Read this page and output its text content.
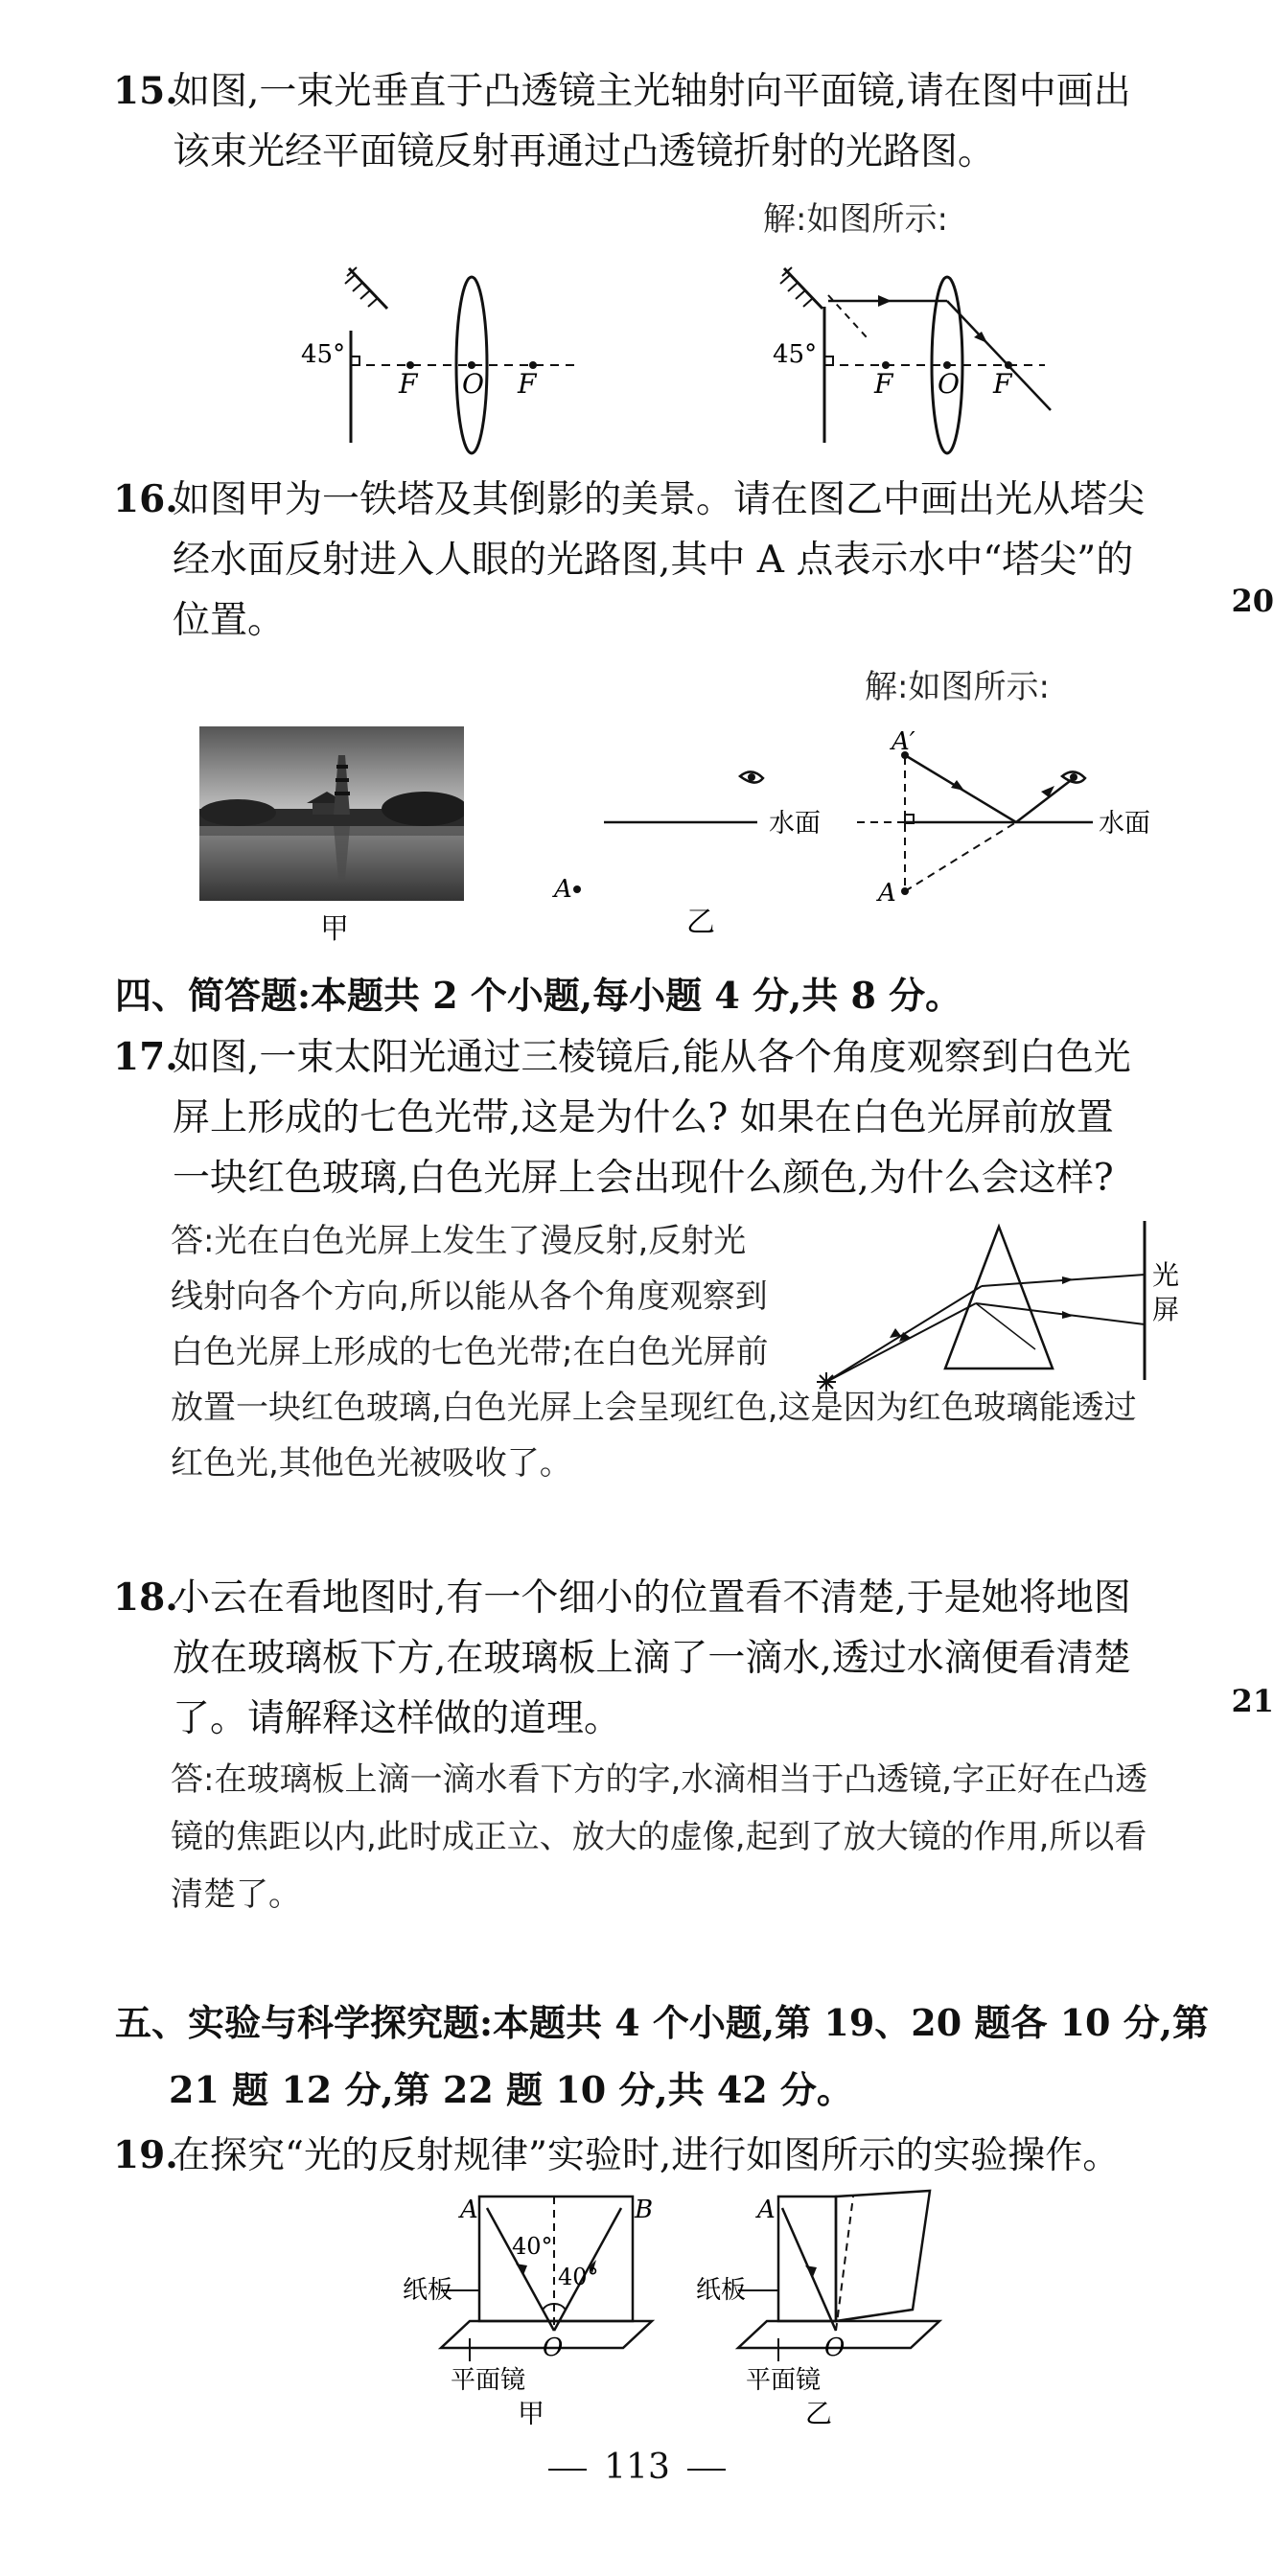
15.
如图,一束光垂直于凸透镜主光轴射向平面镜,请在图中画出
该束光经平面镜反射再通过凸透镜折射的光路图。
解:如图所示:
45°
F O F
45°
F O F
16.
如图甲为一铁塔及其倒影的美景。请在图乙中画出光从塔尖
经水面反射进入人眼的光路图,其中 A 点表示水中“塔尖”的
位置。
解:如图所示:
甲
A
水面
乙
A′
A
水面
四、简答题:本题共 2 个小题,每小题 4 分,共 8 分。
17.
如图,一束太阳光通过三棱镜后,能从各个角度观察到白色光
屏上形成的七色光带,这是为什么? 如果在白色光屏前放置
一块红色玻璃,白色光屏上会出现什么颜色,为什么会这样?
答:光在白色光屏上发生了漫反射,反射光
线射向各个方向,所以能从各个角度观察到
白色光屏上形成的七色光带;在白色光屏前
放置一块红色玻璃,白色光屏上会呈现红色,这是因为红色玻璃能透过
红色光,其他色光被吸收了。
光
屏
18.
小云在看地图时,有一个细小的位置看不清楚,于是她将地图
放在玻璃板下方,在玻璃板上滴了一滴水,透过水滴便看清楚
了。请解释这样做的道理。
答:在玻璃板上滴一滴水看下方的字,水滴相当于凸透镜,字正好在凸透
镜的焦距以内,此时成正立、放大的虚像,起到了放大镜的作用,所以看
清楚了。
五、实验与科学探究题:本题共 4 个小题,第 19、20 题各 10 分,第
21 题 12 分,第 22 题 10 分,共 42 分。
19.
在探究“光的反射规律”实验时,进行如图所示的实验操作。
A	B
40°
40°
O
纸板
平面镜
甲
A
O
纸板
平面镜
乙
113
20
21
